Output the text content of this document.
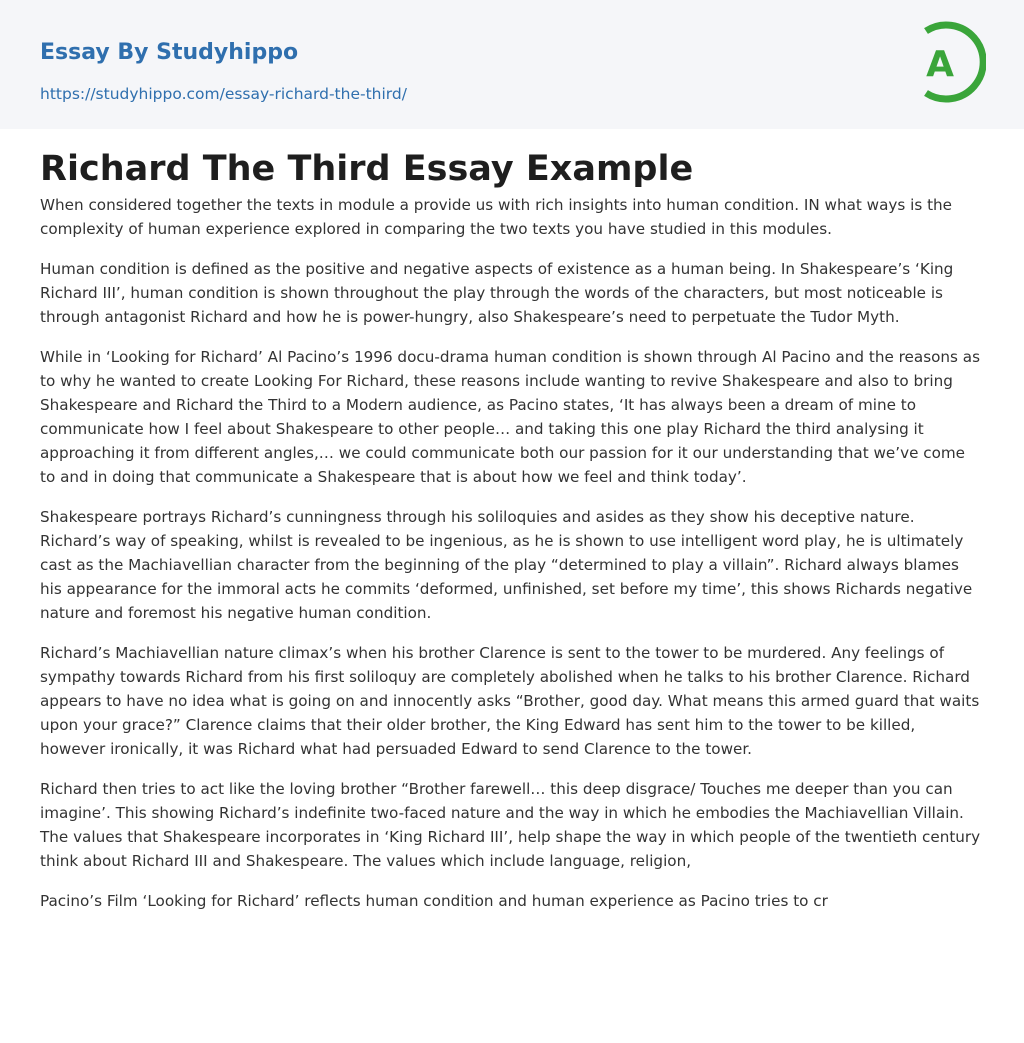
Essay By Studyhippo
https://studyhippo.com/essay-richard-the-third/
A
Richard The Third Essay Example

When considered together the texts in module a provide us with rich insights into human condition. IN what ways is the complexity of human experience explored in comparing the two texts you have studied in this modules.

Human condition is defined as the positive and negative aspects of existence as a human being. In Shakespeare’s ‘King Richard III’, human condition is shown throughout the play through the words of the characters, but most noticeable is through antagonist Richard and how he is power-hungry, also Shakespeare’s need to perpetuate the Tudor Myth.

While in ‘Looking for Richard’ Al Pacino’s 1996 docu-drama human condition is shown through Al Pacino and the reasons as to why he wanted to create Looking For Richard, these reasons include wanting to revive Shakespeare and also to bring Shakespeare and Richard the Third to a Modern audience, as Pacino states, ‘It has always been a dream of mine to communicate how I feel about Shakespeare to other people… and taking this one play Richard the third analysing it approaching it from different angles,… we could communicate both our passion for it our understanding that we’ve come to and in doing that communicate a Shakespeare that is about how we feel and think today’.

Shakespeare portrays Richard’s cunningness through his soliloquies and asides as they show his deceptive nature. Richard’s way of speaking, whilst is revealed to be ingenious, as he is shown to use intelligent word play, he is ultimately cast as the Machiavellian character from the beginning of the play “determined to play a villain”. Richard always blames his appearance for the immoral acts he commits ‘deformed, unfinished, set before my time’, this shows Richards negative nature and foremost his negative human condition.

Richard’s Machiavellian nature climax’s when his brother Clarence is sent to the tower to be murdered. Any feelings of sympathy towards Richard from his first soliloquy are completely abolished when he talks to his brother Clarence. Richard appears to have no idea what is going on and innocently asks “Brother, good day. What means this armed guard that waits upon your grace?” Clarence claims that their older brother, the King Edward has sent him to the tower to be killed, however ironically, it was Richard what had persuaded Edward to send Clarence to the tower.

Richard then tries to act like the loving brother “Brother farewell… this deep disgrace/ Touches me deeper than you can imagine’. This showing Richard’s indefinite two-faced nature and the way in which he embodies the Machiavellian Villain. The values that Shakespeare incorporates in ‘King Richard III’, help shape the way in which people of the twentieth century think about Richard III and Shakespeare. The values which include language, religion,

Pacino’s Film ‘Looking for Richard’ reflects human condition and human experience as Pacino tries to cr
